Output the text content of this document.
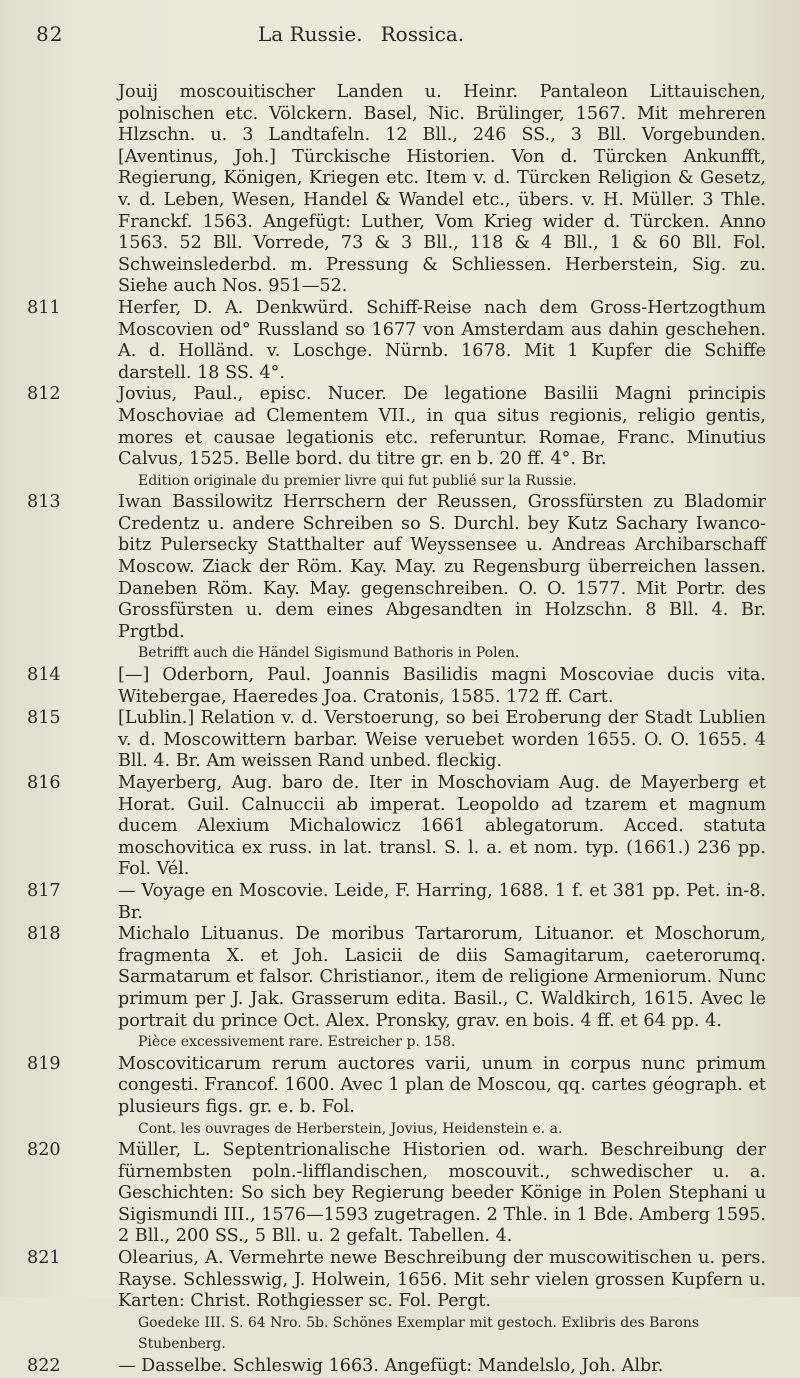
82	La Russie. Rossica.
Jouij moscouitischer Landen u. Heinr. Pantaleon Littauischen, polnischen etc. Völckern. Basel, Nic. Brülinger, 1567. Mit mehreren Hlzschn. u. 3 Landtafeln. 12 Bll., 246 SS., 3 Bll. Vorgebunden. [Aventinus, Joh.] Türckische Historien. Von d. Türcken Ankunfft, Regierung, Königen, Kriegen etc. Item v. d. Türcken Religion & Gesetz, v. d. Leben, Wesen, Handel & Wandel etc., übers. v. H. Müller. 3 Thle. Franckf. 1563. Angefügt: Luther, Vom Krieg wider d. Türcken. Anno 1563. 52 Bll. Vorrede, 73 & 3 Bll., 118 & 4 Bll., 1 & 60 Bll. Fol. Schweinslederbd. m. Pressung & Schliessen. Herberstein, Sig. zu. Siehe auch Nos. 951—52.
811	Herfer, D. A. Denkwürd. Schiff-Reise nach dem Gross-Hertzogthum Moscovien od° Russland so 1677 von Amsterdam aus dahin geschehen. A. d. Holländ. v. Loschge. Nürnb. 1678. Mit 1 Kupfer die Schiffe darstell. 18 SS. 4°.
812	Jovius, Paul., episc. Nucer. De legatione Basilii Magni principis Moschoviae ad Clementem VII., in qua situs regionis, religio gentis, mores et causae legationis etc. referuntur. Romae, Franc. Minutius Calvus, 1525. Belle bord. du titre gr. en b. 20 ff. 4°. Br.
Edition originale du premier livre qui fut publié sur la Russie.
813	Iwan Bassilowitz Herrschern der Reussen, Grossfürsten zu Bladomir Credentz u. andere Schreiben so S. Durchl. bey Kutz Sachary Iwanco-bitz Pulersecky Statthalter auf Weyssensee u. Andreas Archibarschaff Moscow. Ziack der Röm. Kay. May. zu Regensburg überreichen lassen. Daneben Röm. Kay. May. gegenschreiben. O. O. 1577. Mit Portr. des Grossfürsten u. dem eines Abgesandten in Holzschn. 8 Bll. 4. Br. Prgtbd.
Betrifft auch die Händel Sigismund Bathoris in Polen.
814	[—] Oderborn, Paul. Joannis Basilidis magni Moscoviae ducis vita. Witebergae, Haeredes Joa. Cratonis, 1585. 172 ff. Cart.
815	[Lublin.] Relation v. d. Verstoerung, so bei Eroberung der Stadt Lublien v. d. Moscowittern barbar. Weise veruebet worden 1655. O. O. 1655. 4 Bll. 4. Br. Am weissen Rand unbed. fleckig.
816	Mayerberg, Aug. baro de. Iter in Moschoviam Aug. de Mayerberg et Horat. Guil. Calnuccii ab imperat. Leopoldo ad tzarem et magnum ducem Alexium Michalowicz 1661 ablegatorum. Acced. statuta moschovitica ex russ. in lat. transl. S. l. a. et nom. typ. (1661.) 236 pp. Fol. Vél.
817	— Voyage en Moscovie. Leide, F. Harring, 1688. 1 f. et 381 pp. Pet. in-8. Br.
818	Michalo Lituanus. De moribus Tartarorum, Lituanor. et Moschorum, fragmenta X. et Joh. Lasicii de diis Samagitarum, caeterorumq. Sarmatarum et falsor. Christianor., item de religione Armeniorum. Nunc primum per J. Jak. Grasserum edita. Basil., C. Waldkirch, 1615. Avec le portrait du prince Oct. Alex. Pronsky, grav. en bois. 4 ff. et 64 pp. 4.
Pièce excessivement rare. Estreicher p. 158.
819	Moscoviticarum rerum auctores varii, unum in corpus nunc primum congesti. Francof. 1600. Avec 1 plan de Moscou, qq. cartes géograph. et plusieurs figs. gr. e. b. Fol.
Cont. les ouvrages de Herberstein, Jovius, Heidenstein e. a.
820	Müller, L. Septentrionalische Historien od. warh. Beschreibung der fürnembsten poln.-lifflandischen, moscouvit., schwedischer u. a. Geschichten: So sich bey Regierung beeder Könige in Polen Stephani u Sigismundi III., 1576—1593 zugetragen. 2 Thle. in 1 Bde. Amberg 1595. 2 Bll., 200 SS., 5 Bll. u. 2 gefalt. Tabellen. 4.
821	Olearius, A. Vermehrte newe Beschreibung der muscowitischen u. pers. Rayse. Schlesswig, J. Holwein, 1656. Mit sehr vielen grossen Kupfern u. Karten: Christ. Rothgiesser sc. Fol. Pergt.
Goedeke III. S. 64 Nro. 5b. Schönes Exemplar mit gestoch. Exlibris des Barons Stubenberg.
822	— Dasselbe. Schleswig 1663. Angefügt: Mandelslo, Joh. Albr.
